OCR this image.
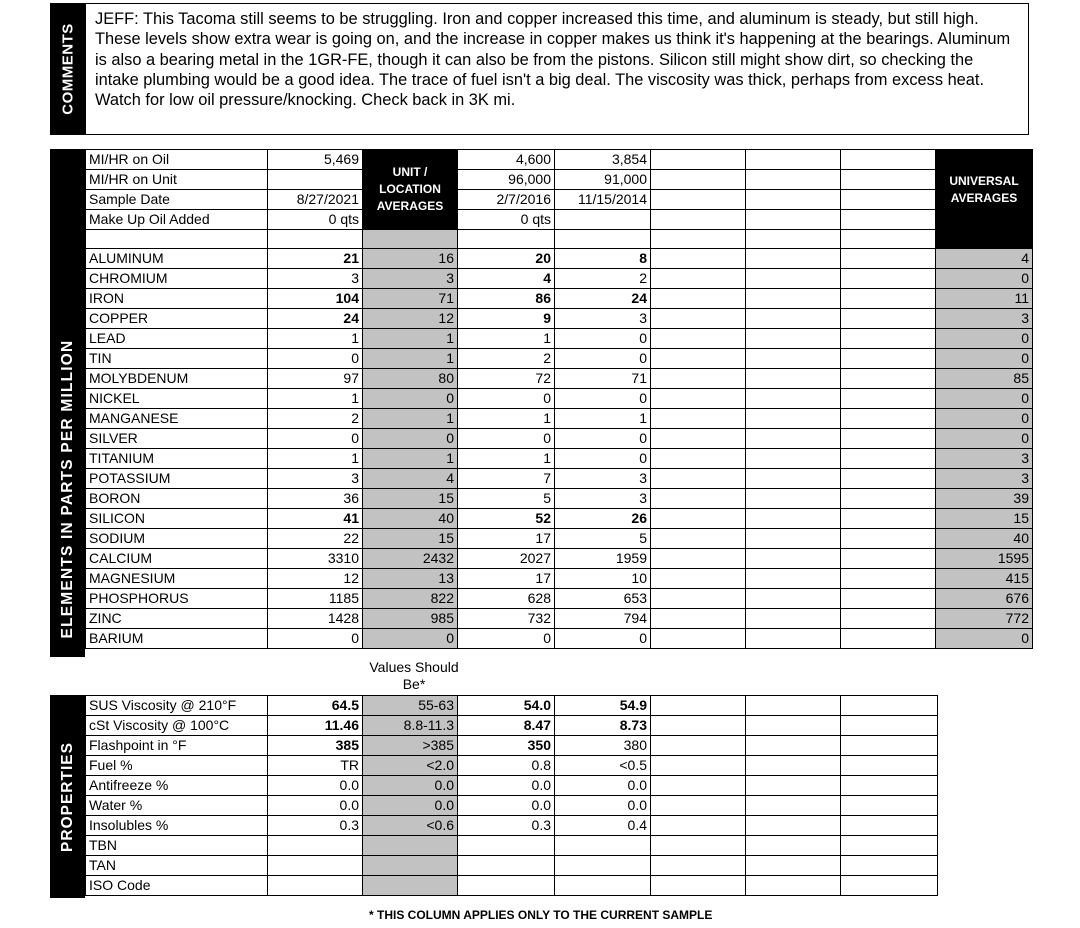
COMMENTS
JEFF: This Tacoma still seems to be struggling. Iron and copper increased this time, and aluminum is steady, but still high. These levels show extra wear is going on, and the increase in copper makes us think it's happening at the bearings. Aluminum is also a bearing metal in the 1GR-FE, though it can also be from the pistons. Silicon still might show dirt, so checking the intake plumbing would be a good idea. The trace of fuel isn't a big deal. The viscosity was thick, perhaps from excess heat. Watch for low oil pressure/knocking. Check back in 3K mi.
ELEMENTS IN PARTS PER MILLION
MI/HR on Oil	5,469	UNIT / LOCATION AVERAGES	4,600	3,854				UNIVERSAL AVERAGES
MI/HR on Unit			96,000	91,000				
Sample Date	8/27/2021		2/7/2016	11/15/2014				
Make Up Oil Added	0 qts		0 qts					

ALUMINUM	21	16	20	8				4
CHROMIUM	3	3	4	2				0
IRON	104	71	86	24				11
COPPER	24	12	9	3				3
LEAD	1	1	1	0				0
TIN	0	1	2	0				0
MOLYBDENUM	97	80	72	71				85
NICKEL	1	0	0	0				0
MANGANESE	2	1	1	1				0
SILVER	0	0	0	0				0
TITANIUM	1	1	1	0				3
POTASSIUM	3	4	7	3				3
BORON	36	15	5	3				39
SILICON	41	40	52	26				15
SODIUM	22	15	17	5				40
CALCIUM	3310	2432	2027	1959				1595
MAGNESIUM	12	13	17	10				415
PHOSPHORUS	1185	822	628	653				676
ZINC	1428	985	732	794				772
BARIUM	0	0	0	0				0
Values Should Be*
PROPERTIES
SUS Viscosity @ 210°F	64.5	55-63	54.0	54.9			
cSt Viscosity @ 100°C	11.46	8.8-11.3	8.47	8.73			
Flashpoint in °F	385	>385	350	380			
Fuel %	TR	<2.0	0.8	<0.5			
Antifreeze %	0.0	0.0	0.0	0.0			
Water %	0.0	0.0	0.0	0.0			
Insolubles %	0.3	<0.6	0.3	0.4			
TBN							
TAN							
ISO Code							
* THIS COLUMN APPLIES ONLY TO THE CURRENT SAMPLE
